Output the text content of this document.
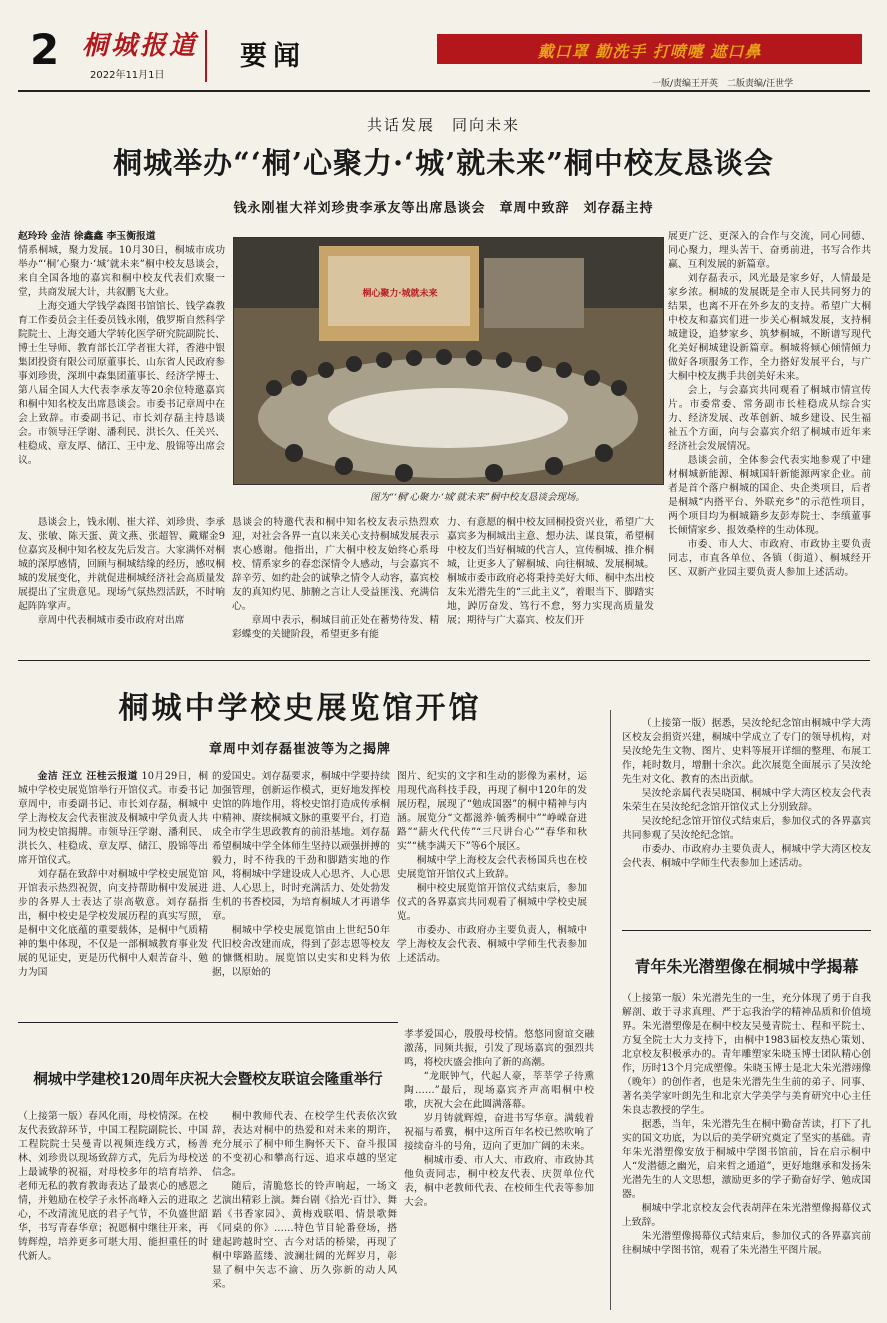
2 桐城报道
2022年11月1日
要闻	戴口罩 勤洗手 打喷嚏 遮口鼻
一版/责编王开英　二版责编/汪世学
共话发展　同向未来
桐城举办“‘桐’心聚力·‘城’就未来”桐中校友恳谈会
钱永刚崔大祥刘珍贵李承友等出席恳谈会　章周中致辞　刘存磊主持
桐心聚力·城就未来
图为“‘桐’心聚力·‘城’就未来”桐中校友恳谈会现场。

赵玲玲 金洁 徐鑫鑫 李玉衡报道

情系桐城，聚力发展。10月30日，桐城市成功举办“‘桐’心聚力·‘城’就未来”桐中校友恳谈会，来自全国各地的嘉宾和桐中校友代表们欢聚一堂，共商发展大计，共叙鹏飞大业。

上海交通大学钱学森图书馆馆长、钱学森教育工作委员会主任委员钱永刚，俄罗斯自然科学院院士、上海交通大学转化医学研究院副院长、博士生导师、教育部长江学者崔大祥，香港中银集团投资有限公司原董事长、山东省人民政府参事刘珍贵，深圳中森集团董事长、经济学博士、第八届全国人大代表李承友等20余位特邀嘉宾和桐中知名校友出席恳谈会。市委书记章周中在会上致辞。市委副书记、市长刘存磊主持恳谈会。市领导汪学谢、潘利民、洪长久、任关兴、桂稳成、章友厚、储江、王中龙、殷锦等出席会议。

恳谈会上，钱永刚、崔大祥、刘珍贵、李承友、张敏、陈天蛋、黄文燕、张超智、戴耀金9位嘉宾及桐中知名校友先后发言。大家满怀对桐城的深厚感情，回顾与桐城结缘的经历，感叹桐城的发展变化，并就促进桐城经济社会高质量发展提出了宝贵意见。现场气氛热烈活跃，不时响起阵阵掌声。

章周中代表桐城市委市政府对出席

恳谈会的特邀代表和桐中知名校友表示热烈欢迎，对社会各界一直以来关心支持桐城发展表示衷心感谢。他指出，广大桐中校友始终心系母校、情系家乡的春恋深情令人感动，与会嘉宾不辞辛劳、如约赴会的诚挚之情令人动容，嘉宾校友的真知灼见、肺腑之言让人受益匪浅、充满信心。

章周中表示，桐城目前正处在蓄势待发、精彩蝶变的关键阶段，希望更多有能

力、有意愿的桐中校友回桐投资兴业，希望广大嘉宾多为桐城出主意、想办法、谋良策，希望桐中校友们当好桐城的代言人，宣传桐城、推介桐城，让更多人了解桐城、向往桐城、发展桐城。桐城市委市政府必将秉持美好大师、桐中杰出校友朱光潜先生的“三此主义”，着眼当下、脚踏实地，踔厉奋发、笃行不怠，努力实现高质量发展；期待与广大嘉宾、校友们开

展更广泛、更深入的合作与交流，同心同德、同心聚力，埋头苦干、奋勇前进，书写合作共赢、互利发展的新篇章。

刘存磊表示，风光最是家乡好，人情最是家乡浓。桐城的发展既是全市人民共同努力的结果，也离不开在外乡友的支持。希望广大桐中校友和嘉宾们进一步关心桐城发展，支持桐城建设，追梦家乡、筑梦桐城，不断谱写现代化美好桐城建设新篇章。桐城将倾心倾情倾力做好各项服务工作，全力搭好发展平台，与广大桐中校友携手共创美好未来。

会上，与会嘉宾共同观看了桐城市情宣传片。市委常委、常务副市长桂稳成从综合实力、经济发展、改革创新、城乡建设、民生福祉五个方面，向与会嘉宾介绍了桐城市近年来经济社会发展情况。

恳谈会前，全体参会代表实地参观了中建材桐城新能源、桐城国轩新能源两家企业。前者是首个落户桐城的国企、央企类项目，后者是桐城“内搭平台、外联充乡”的示范性项目，两个项目均为桐城籍乡友彭寿院士、李缜董事长倾情家乡、报效桑梓的生动体现。

市委、市人大、市政府、市政协主要负责同志，市直各单位、各镇（街道）、桐城经开区、双新产业园主要负责人参加上述活动。

桐城中学校史展览馆开馆
章周中刘存磊崔波等为之揭牌

金洁 汪立 汪桂云报道 10月29日，桐城中学校史展览馆举行开馆仪式。市委书记章周中，市委副书记、市长刘存磊，桐城中学上海校友会代表崔波及桐城中学负责人共同为校史馆揭牌。市领导汪学谢、潘利民、洪长久、桂稳成、章友厚、储江、殷锦等出席开馆仪式。

刘存磊在致辞中对桐城中学校史展览馆开馆表示热烈祝贺，向支持帮助桐中发展进步的各界人士表达了崇高敬意。刘存磊指出，桐中校史是学校发展历程的真实写照，是桐中文化底蕴的重要载体，是桐中气质精神的集中体现，不仅是一部桐城教育事业发展的见证史，更是历代桐中人艰苦奋斗、勉力为国

的爱国史。刘存磊要求，桐城中学要持续加强管理，创新运作模式，更好地发挥校史馆的阵地作用，将校史馆打造成传承桐中精神、赓续桐城文脉的重要平台，打造成全市学生思政教育的前沿基地。刘存磊希望桐城中学全体师生坚持以顽强拼搏的毅力，时不待我的干劲和脚踏实地的作风，将桐城中学建设成人心思齐、人心思进、人心思上，时时充满活力、处处勃发生机的书香校园，为培育桐城人才再谱华章。

桐城中学校史展览馆由上世纪50年代旧校舍改建而成，得到了彭志恩等校友的慷慨相助。展览馆以史实和史料为依据，以原始的

图片、纪实的文字和生动的影像为素材，运用现代高科技手段，再现了桐中120年的发展历程，展现了“勉成国器”的桐中精神与内涵。展览分“文都滋养·毓秀桐中”“峥嵘奋进路”“薪火代代传”“三尺讲台心”“春华和秋实”“桃李满天下”等6个展区。

桐城中学上海校友会代表杨国兵也在校史展览馆开馆仪式上致辞。

桐中校史展览馆开馆仪式结束后，参加仪式的各界嘉宾共同观看了桐城中学校史展览。

市委办、市政府办主要负责人，桐城中学上海校友会代表、桐城中学师生代表参加上述活动。

（上接第一版）据悉，吴汝纶纪念馆由桐城中学大湾区校友会捐资兴建，桐城中学成立了专门的领导机构，对吴汝纶先生文物、图片、史料等展开详细的整理、布展工作，耗时数月，增删十余次。此次展览全面展示了吴汝纶先生对文化、教育的杰出贡献。

吴汝纶亲属代表吴晓国、桐城中学大湾区校友会代表朱荣生在吴汝纶纪念馆开馆仪式上分别致辞。

吴汝纶纪念馆开馆仪式结束后，参加仪式的各界嘉宾共同参观了吴汝纶纪念馆。

市委办、市政府办主要负责人，桐城中学大湾区校友会代表、桐城中学师生代表参加上述活动。

青年朱光潜塑像在桐城中学揭幕

（上接第一版）朱光潜先生的一生，充分体现了勇于自我解剖、敢于寻求真理、严于忘我治学的精神品质和价值境界。朱光潜塑像是在桐中校友吴曼青院士、程和平院士、方复全院士大力支持下，由桐中1983届校友热心策划、北京校友积极承办的。青年雕塑家朱晓玉博士团队精心创作，历时13个月完成塑像。朱晓玉博士是北大朱光潜翊像（晚年）的创作者，也是朱光潜先生生前的弟子、同事、著名美学家叶朗先生和北京大学美学与美育研究中心主任朱良志教授的学生。

据悉，当年，朱光潜先生在桐中勤奋苦读，打下了扎实的国文功底，为以后的美学研究奠定了坚实的基础。青年朱光潜塑像安放于桐城中学图书馆前，旨在启示桐中人“发潜德之幽光，启来哲之通道”，更好地继承和发扬朱光潜先生的人文思想，激励更多的学子勤奋好学、勉成国器。

桐城中学北京校友会代表胡萍在朱光潜塑像揭幕仪式上致辞。

朱光潜塑像揭幕仪式结束后，参加仪式的各界嘉宾前往桐城中学图书馆，观看了朱光潜生平图片展。

桐城中学建校120周年庆祝大会暨校友联谊会隆重举行

（上接第一版）春风化雨，母校情深。在校友代表致辞环节，中国工程院副院长、中国工程院院士吴曼青以视频连线方式，杨善林、刘珍贵以现场致辞方式，先后为母校送上最诚挚的祝福，对母校多年的培育培养、老师无私的教育教诲表达了最衷心的感恩之情，并勉励在校学子永怀高峰入云的进取之心，不改清流见底的君子气节，不负盛世韶华，书写青春华章；祝愿桐中继往开来，再铸辉煌，培养更多可堪大用、能担重任的时代新人。

桐中教师代表、在校学生代表依次致辞，表达对桐中的热爱和对未来的期许，充分展示了桐中师生胸怀天下、奋斗报国的不变初心和攀高行远、追求卓越的坚定信念。

随后，清脆悠长的铃声响起，一场文艺演出精彩上演。舞台剧《拾光·百廿》、舞蹈《书香家园》、黄梅戏联唱、情景歌舞《同桌的你》……特色节目轮番登场，搭建起跨越时空、古今对话的桥梁，再现了桐中筚路蓝缕、波澜壮阔的光辉岁月，彰显了桐中矢志不渝、历久弥新的动人风采。

孝孝爱国心，殷殷母校情。悠悠同窗谊交融激荡，同频共振，引发了现场嘉宾的强烈共鸣，将校庆盛会推向了新的高潮。

“龙眠钟气，代起人豪，莘莘学子待熏陶……”最后，现场嘉宾齐声高唱桐中校歌，庆祝大会在此圆满落幕。

岁月铸就辉煌，奋进书写华章。满载着祝福与希冀，桐中这所百年名校已然吹响了接续奋斗的号角，迈向了更加广阔的未来。

桐城市委、市人大、市政府、市政协其他负责同志，桐中校友代表、庆贺单位代表，桐中老教师代表、在校师生代表等参加大会。
